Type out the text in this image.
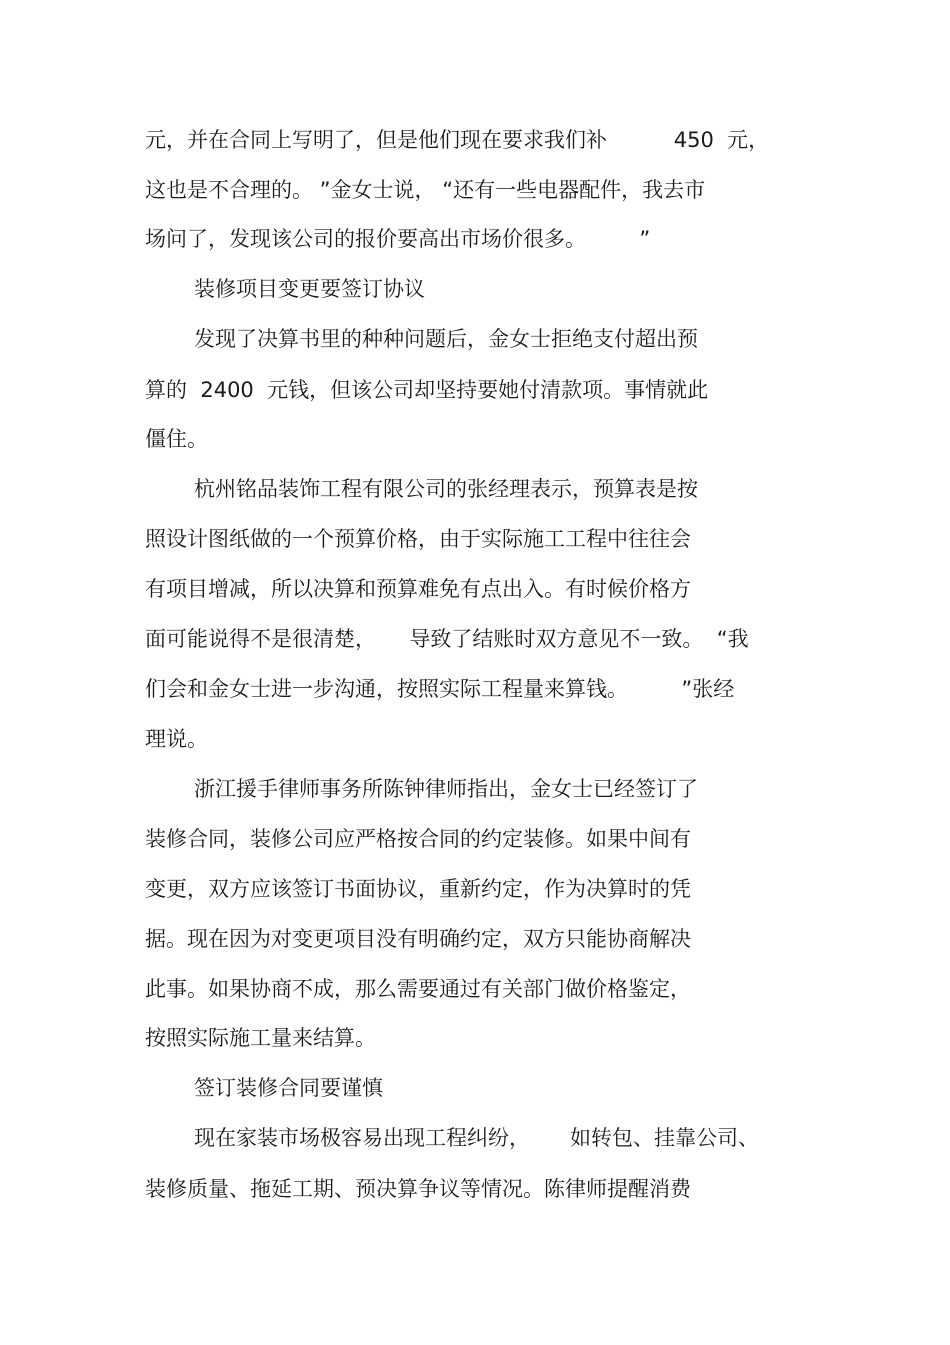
元，并在合同上写明了，但是他们现在要求我们补          450  元，
这也是不合理的。 ”金女士说， “还有一些电器配件，我去市
场问了，发现该公司的报价要高出市场价很多。        ”
装修项目变更要签订协议
发现了决算书里的种种问题后，金女士拒绝支付超出预
算的  2400  元钱，但该公司却坚持要她付清款项。事情就此
僵住。
杭州铭品装饰工程有限公司的张经理表示，预算表是按
照设计图纸做的一个预算价格，由于实际施工工程中往往会
有项目增减，所以决算和预算难免有点出入。有时候价格方
面可能说得不是很清楚，     导致了结账时双方意见不一致。  “我
们会和金女士进一步沟通，按照实际工程量来算钱。        ”张经
理说。
浙江援手律师事务所陈钟律师指出，金女士已经签订了
装修合同，装修公司应严格按合同的约定装修。如果中间有
变更，双方应该签订书面协议，重新约定，作为决算时的凭
据。现在因为对变更项目没有明确约定，双方只能协商解决
此事。如果协商不成，那么需要通过有关部门做价格鉴定，
按照实际施工量来结算。
签订装修合同要谨慎
现在家装市场极容易出现工程纠纷，      如转包、挂靠公司、
装修质量、拖延工期、预决算争议等情况。陈律师提醒消费
